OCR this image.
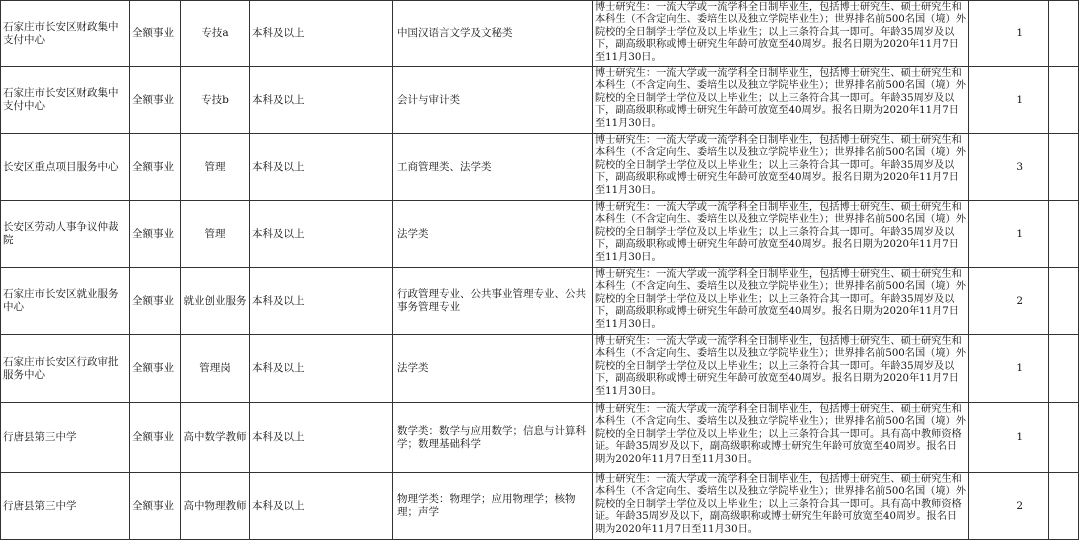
石家庄市长安区财政集中支付中心	全额事业	专技a	本科及以上	中国汉语言文学及文秘类	博士研究生：一流大学或一流学科全日制毕业生，包括博士研究生、硕士研究生和本科生（不含定向生、委培生以及独立学院毕业生）；世界排名前500名国（境）外院校的全日制学士学位及以上毕业生；以上三条符合其一即可。年龄35周岁及以下，副高级职称或博士研究生年龄可放宽至40周岁。报名日期为2020年11月7日至11月30日。	1	
石家庄市长安区财政集中支付中心	全额事业	专技b	本科及以上	会计与审计类	博士研究生：一流大学或一流学科全日制毕业生，包括博士研究生、硕士研究生和本科生（不含定向生、委培生以及独立学院毕业生）；世界排名前500名国（境）外院校的全日制学士学位及以上毕业生；以上三条符合其一即可。年龄35周岁及以下，副高级职称或博士研究生年龄可放宽至40周岁。报名日期为2020年11月7日至11月30日。	1	
长安区重点项目服务中心	全额事业	管理	本科及以上	工商管理类、法学类	博士研究生：一流大学或一流学科全日制毕业生，包括博士研究生、硕士研究生和本科生（不含定向生、委培生以及独立学院毕业生）；世界排名前500名国（境）外院校的全日制学士学位及以上毕业生；以上三条符合其一即可。年龄35周岁及以下，副高级职称或博士研究生年龄可放宽至40周岁。报名日期为2020年11月7日至11月30日。	3	
长安区劳动人事争议仲裁院	全额事业	管理	本科及以上	法学类	博士研究生：一流大学或一流学科全日制毕业生，包括博士研究生、硕士研究生和本科生（不含定向生、委培生以及独立学院毕业生）；世界排名前500名国（境）外院校的全日制学士学位及以上毕业生；以上三条符合其一即可。年龄35周岁及以下，副高级职称或博士研究生年龄可放宽至40周岁。报名日期为2020年11月7日至11月30日。	1	
石家庄市长安区就业服务中心	全额事业	就业创业服务	本科及以上	行政管理专业、公共事业管理专业、公共事务管理专业	博士研究生：一流大学或一流学科全日制毕业生，包括博士研究生、硕士研究生和本科生（不含定向生、委培生以及独立学院毕业生）；世界排名前500名国（境）外院校的全日制学士学位及以上毕业生；以上三条符合其一即可。年龄35周岁及以下，副高级职称或博士研究生年龄可放宽至40周岁。报名日期为2020年11月7日至11月30日。	2	
石家庄市长安区行政审批服务中心	全额事业	管理岗	本科及以上	法学类	博士研究生：一流大学或一流学科全日制毕业生，包括博士研究生、硕士研究生和本科生（不含定向生、委培生以及独立学院毕业生）；世界排名前500名国（境）外院校的全日制学士学位及以上毕业生；以上三条符合其一即可。年龄35周岁及以下，副高级职称或博士研究生年龄可放宽至40周岁。报名日期为2020年11月7日至11月30日。	1	
行唐县第三中学	全额事业	高中数学教师	本科及以上	数学类：数学与应用数学；信息与计算科学；数理基础科学	博士研究生：一流大学或一流学科全日制毕业生，包括博士研究生、硕士研究生和本科生（不含定向生、委培生以及独立学院毕业生）；世界排名前500名国（境）外院校的全日制学士学位及以上毕业生；以上三条符合其一即可。具有高中教师资格证。年龄35周岁及以下，副高级职称或博士研究生年龄可放宽至40周岁。报名日期为2020年11月7日至11月30日。	1	
行唐县第三中学	全额事业	高中物理教师	本科及以上	物理学类：物理学；应用物理学；核物理；声学	博士研究生：一流大学或一流学科全日制毕业生，包括博士研究生、硕士研究生和本科生（不含定向生、委培生以及独立学院毕业生）；世界排名前500名国（境）外院校的全日制学士学位及以上毕业生；以上三条符合其一即可。具有高中教师资格证。年龄35周岁及以下，副高级职称或博士研究生年龄可放宽至40周岁。报名日期为2020年11月7日至11月30日。	2	
